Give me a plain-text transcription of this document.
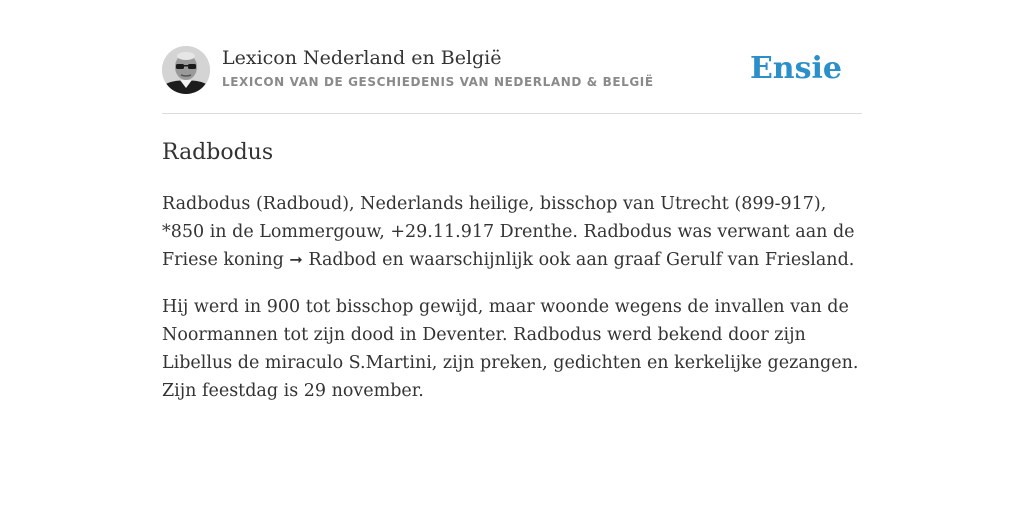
Lexicon Nederland en België
LEXICON VAN DE GESCHIEDENIS VAN NEDERLAND & BELGIË	Ensie
Radbodus

Radbodus (Radboud), Nederlands heilige, bisschop van Utrecht (899-917), *850 in de Lommergouw, +29.11.917 Drenthe. Radbodus was verwant aan de Friese koning ➞ Radbod en waarschijnlijk ook aan graaf Gerulf van Friesland.

Hij werd in 900 tot bisschop gewijd, maar woonde wegens de invallen van de Noormannen tot zijn dood in Deventer. Radbodus werd bekend door zijn Libellus de miraculo S.Martini, zijn preken, gedichten en kerkelijke gezangen. Zijn feestdag is 29 november.
